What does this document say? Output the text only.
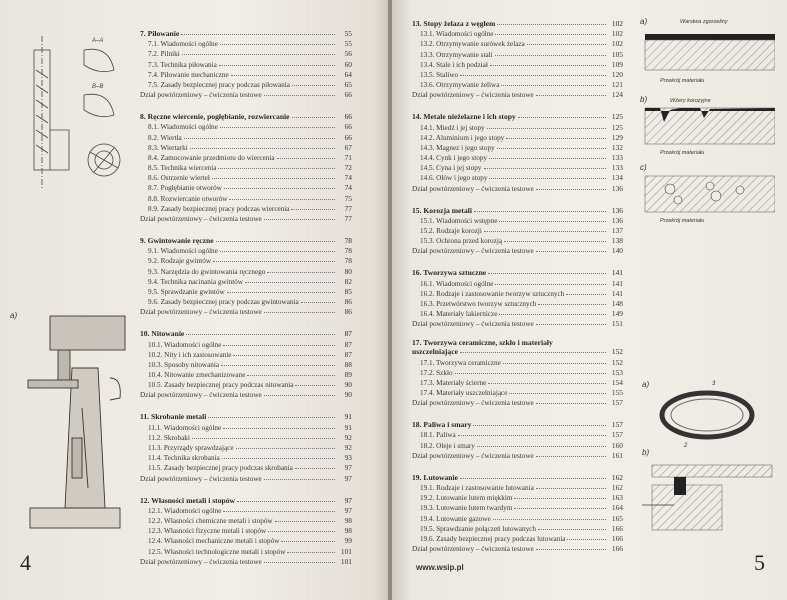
A–A
B–B
a)
7. Piłowanie	55
7.1. Wiadomości ogólne	55
7.2. Pilniki	56
7.3. Technika piłowania	60
7.4. Piłowanie mechaniczne	64
7.5. Zasady bezpiecznej pracy podczas piłowania	65
Dział powtórzeniowy – ćwiczenia testowe	66
8. Ręczne wiercenie, pogłębianie, rozwiercanie	66
8.1. Wiadomości ogólne	66
8.2. Wiertła	66
8.3. Wiertarki	67
8.4. Zamocowanie przedmiotu do wiercenia	71
8.5. Technika wiercenia	72
8.6. Ostrzenie wierteł	74
8.7. Pogłębianie otworów	74
8.8. Rozwiercanie otworów	75
8.9. Zasady bezpiecznej pracy podczas wiercenia	77
Dział powtórzeniowy – ćwiczenia testowe	77
9. Gwintowanie ręczne	78
9.1. Wiadomości ogólne	78
9.2. Rodzaje gwintów	78
9.3. Narzędzia do gwintowania ręcznego	80
9.4. Technika nacinania gwintów	82
9.5. Sprawdzanie gwintów	85
9.6. Zasady bezpiecznej pracy podczas gwintowania	86
Dział powtórzeniowy – ćwiczenia testowe	86
10. Nitowanie	87
10.1. Wiadomości ogólne	87
10.2. Nity i ich zastosowanie	87
10.3. Sposoby nitowania	88
10.4. Nitowanie zmechanizowane	89
10.5. Zasady bezpiecznej pracy podczas nitowania	90
Dział powtórzeniowy – ćwiczenia testowe	90
11. Skrobanie metali	91
11.1. Wiadomości ogólne	91
11.2. Skrobaki	92
11.3. Przyrządy sprawdzające	92
11.4. Technika skrobania	93
11.5. Zasady bezpiecznej pracy podczas skrobania	97
Dział powtórzeniowy – ćwiczenia testowe	97
12. Własności metali i stopów	97
12.1. Wiadomości ogólne	97
12.2. Własności chemiczne metali i stopów	98
12.3. Własności fizyczne metali i stopów	98
12.4. Własności mechaniczne metali i stopów	99
12.5. Własności technologiczne metali i stopów	101
Dział powtórzeniowy – ćwiczenia testowe	101
4
13. Stopy żelaza z węglem	102
13.1. Wiadomości ogólne	102
13.2. Otrzymywanie surówek żelaza	102
13.3. Otrzymywanie stali	105
13.4. Stale i ich podział	109
13.5. Staliwo	120
13.6. Otrzymywanie żeliwa	121
Dział powtórzeniowy – ćwiczenia testowe	124
14. Metale nieżelazne i ich stopy	125
14.1. Miedź i jej stopy	125
14.2. Aluminium i jego stopy	129
14.3. Magnez i jego stopy	132
14.4. Cynk i jego stopy	133
14.5. Cyna i jej stopy	133
14.6. Ołów i jego stopy	134
Dział powtórzeniowy – ćwiczenia testowe	136
15. Korozja metali	136
15.1. Wiadomości wstępne	136
15.2. Rodzaje korozji	137
15.3. Ochrona przed korozją	138
Dział powtórzeniowy – ćwiczenia testowe	140
16. Tworzywa sztuczne	141
16.1. Wiadomości ogólne	141
16.2. Rodzaje i zastosowanie tworzyw sztucznych	141
16.3. Przetwórstwo tworzyw sztucznych	148
16.4. Materiały lakiernicze	149
Dział powtórzeniowy – ćwiczenia testowe	151
17. Tworzywa ceramiczne, szkło i materiały
uszczelniające	152
17.1. Tworzywa ceramiczne	152
17.2. Szkło	153
17.3. Materiały ścierne	154
17.4. Materiały uszczelniające	155
Dział powtórzeniowy – ćwiczenia testowe	157
18. Paliwa i smary	157
18.1. Paliwa	157
18.2. Oleje i smary	160
Dział powtórzeniowy – ćwiczenia testowe	161
19. Lutowanie	162
19.1. Rodzaje i zastosowanie lutowania	162
19.2. Lutowanie lutem miękkim	163
19.3. Lutowanie lutem twardym	164
19.4. Lutowanie gazowe	165
19.5. Sprawdzanie połączeń lutowanych	166
19.6. Zasady bezpiecznej pracy podczas lutowania	166
Dział powtórzeniowy – ćwiczenia testowe	166
a)	Warstwa zgorzeliny
Przekrój materiału
b)	Wżery korozyjne
Przekrój materiału
c)
Przekrój materiału
a)	3
2
b)
www.wsip.pl	5
